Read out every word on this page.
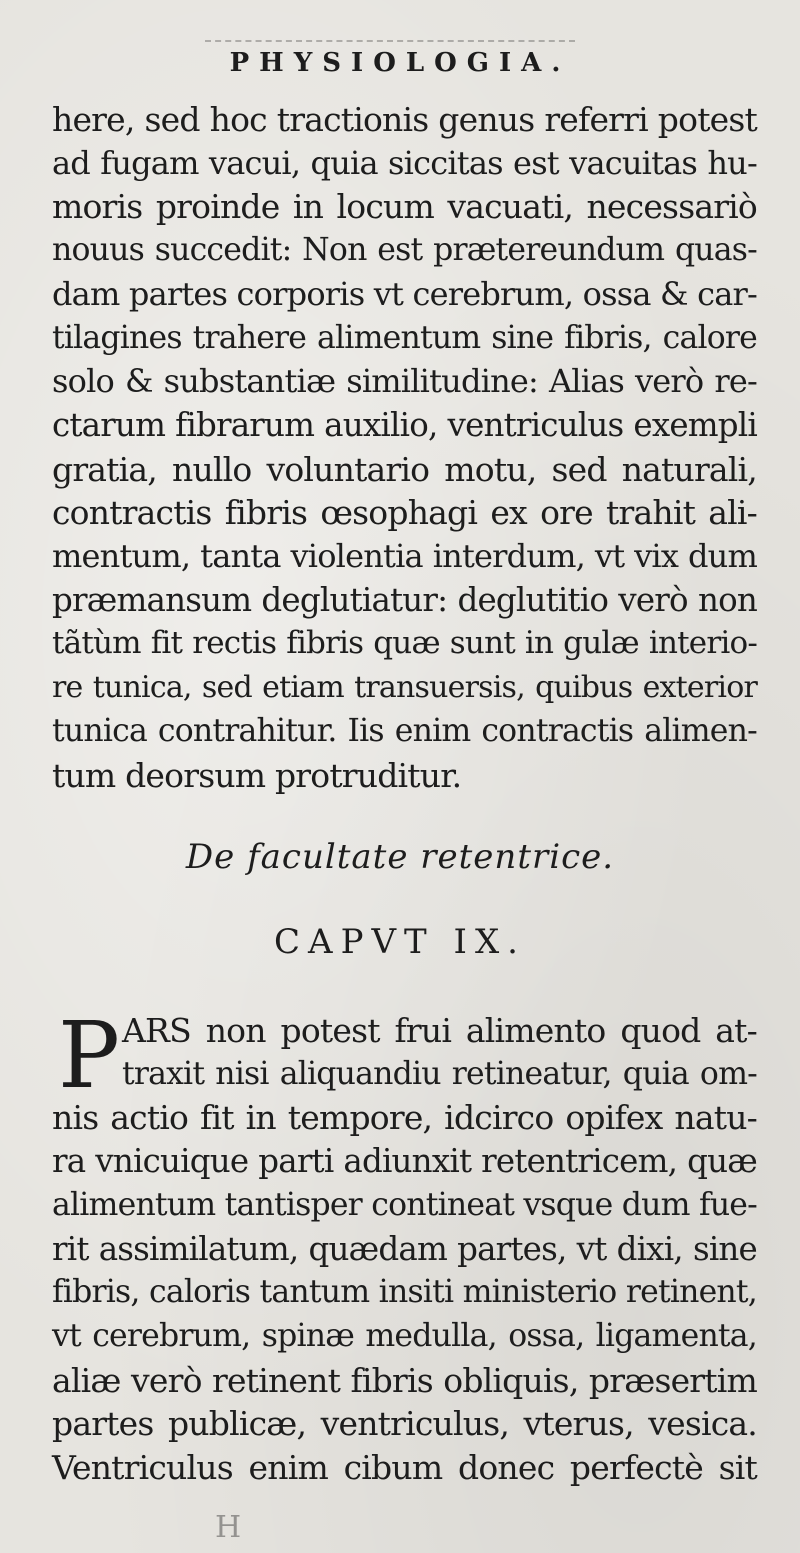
PHYSIOLOGIA.
here, sed hoc tractionis genus referri potest
ad fugam vacui, quia siccitas est vacuitas hu-
moris proinde in locum vacuati, necessariò
nouus succedit: Non est prætereundum quas-
dam partes corporis vt cerebrum, ossa & car-
tilagines trahere alimentum sine fibris, calore
solo & substantiæ similitudine: Alias verò re-
ctarum fibrarum auxilio, ventriculus exempli
gratia, nullo voluntario motu, sed naturali,
contractis fibris œsophagi ex ore trahit ali-
mentum, tanta violentia interdum, vt vix dum
præmansum deglutiatur: deglutitio verò non
tãtùm fit rectis fibris quæ sunt in gulæ interio-
re tunica, sed etiam transuersis, quibus exterior
tunica contrahitur. Iis enim contractis alimen-
tum deorsum protruditur.
De facultate retentrice.
CAPVT IX.
P ARS non potest frui alimento quod at-
traxit nisi aliquandiu retineatur, quia om-
nis actio fit in tempore, idcirco opifex natu-
ra vnicuique parti adiunxit retentricem, quæ
alimentum tantisper contineat vsque dum fue-
rit assimilatum, quædam partes, vt dixi, sine
fibris, caloris tantum insiti ministerio retinent,
vt cerebrum, spinæ medulla, ossa, ligamenta,
aliæ verò retinent fibris obliquis, præsertim
partes publicæ, ventriculus, vterus, vesica.
Ventriculus enim cibum donec perfectè sit
H
